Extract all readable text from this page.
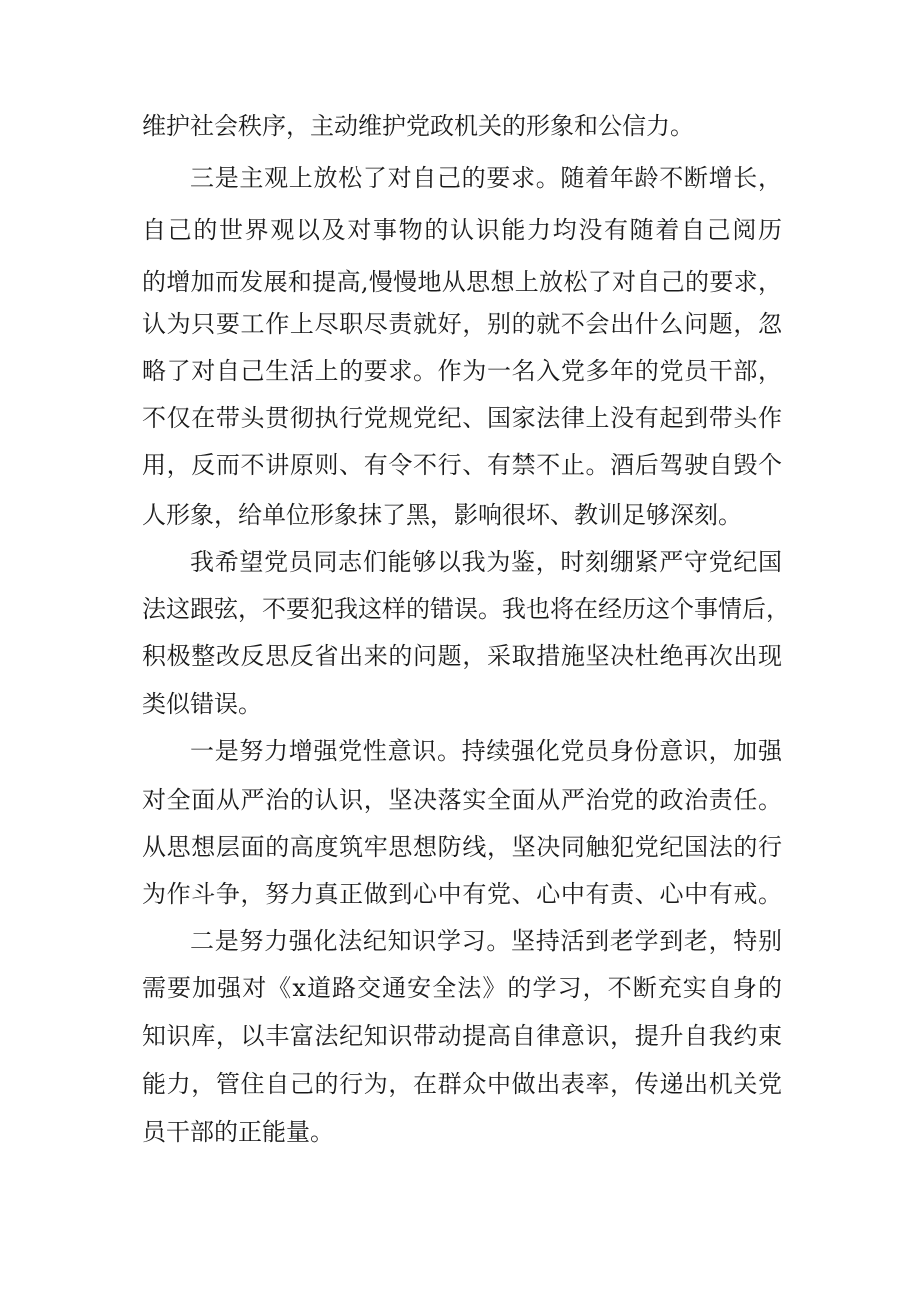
维护社会秩序，主动维护党政机关的形象和公信力。
三是主观上放松了对自己的要求。随着年龄不断增长，
自己的世界观以及对事物的认识能力均没有随着自己阅历
的增加而发展和提高,慢慢地从思想上放松了对自己的要求，
认为只要工作上尽职尽责就好，别的就不会出什么问题，忽
略了对自己生活上的要求。作为一名入党多年的党员干部，
不仅在带头贯彻执行党规党纪、国家法律上没有起到带头作
用，反而不讲原则、有令不行、有禁不止。酒后驾驶自毁个
人形象，给单位形象抹了黑，影响很坏、教训足够深刻。
我希望党员同志们能够以我为鉴，时刻绷紧严守党纪国
法这跟弦，不要犯我这样的错误。我也将在经历这个事情后，
积极整改反思反省出来的问题，采取措施坚决杜绝再次出现
类似错误。
一是努力增强党性意识。持续强化党员身份意识，加强
对全面从严治的认识，坚决落实全面从严治党的政治责任。
从思想层面的高度筑牢思想防线，坚决同触犯党纪国法的行
为作斗争，努力真正做到心中有党、心中有责、心中有戒。
二是努力强化法纪知识学习。坚持活到老学到老，特别
需要加强对《x道路交通安全法》的学习，不断充实自身的
知识库，以丰富法纪知识带动提高自律意识，提升自我约束
能力，管住自己的行为，在群众中做出表率，传递出机关党
员干部的正能量。
